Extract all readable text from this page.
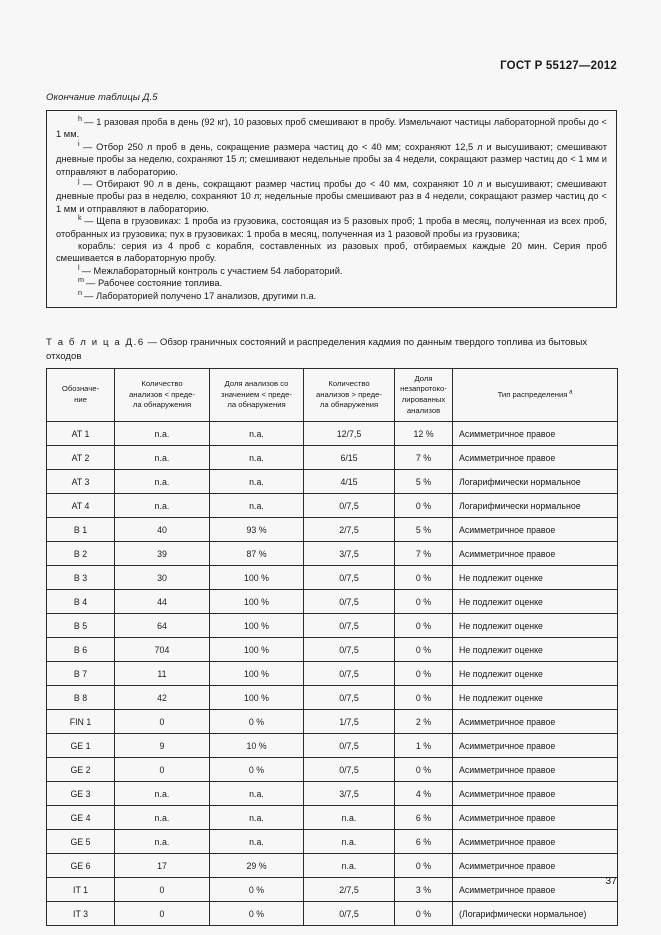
ГОСТ Р 55127—2012
Окончание таблицы Д.5

$^h$ — 1 разовая проба в день (92 кг), 10 разовых проб смешивают в пробу. Измельчают частицы лабораторной пробы до < 1 мм.

$^i$ — Отбор 250 л проб в день, сокращение размера частиц до < 40 мм; сохраняют 12,5 л и высушивают; смешивают дневные пробы за неделю, сохраняют 15 л; смешивают недельные пробы за 4 недели, сокращают размер частиц до < 1 мм и отправляют в лабораторию.

$^j$ — Отбирают 90 л в день, сокращают размер частиц пробы до < 40 мм, сохраняют 10 л и высушивают; смешивают дневные пробы раз в неделю, сохраняют 10 л; недельные пробы смешивают раз в 4 недели, сокращают размер частиц до < 1 мм и отправляют в лабораторию.

$^k$ — Щепа в грузовиках: 1 проба из грузовика, состоящая из 5 разовых проб; 1 проба в месяц, полученная из всех проб, отобранных из грузовика; пух в грузовиках: 1 проба в месяц, полученная из 1 разовой пробы из грузовика;

корабль: серия из 4 проб с корабля, составленных из разовых проб, отбираемых каждые 20 мин. Серия проб смешивается в лабораторную пробу.

$^l$ — Межлабораторный контроль с участием 54 лабораторий.

$^m$ — Рабочее состояние топлива.

$^n$ — Лабораторией получено 17 анализов, другими n.a.

Т а б л и ц а Д.6 — Обзор граничных состояний и распределения кадмия по данным твердого топлива из бытовых отходов
Обозначе-
ние	Количество
анализов < преде-
ла обнаружения	Доля анализов со
значением < преде-
ла обнаружения	Количество
анализов > преде-
ла обнаружения	Доля
незапротоко-
лированных
анализов	Тип распределения $^a$
AT 1	n.a.	n.a.	12/7,5	12 %	Асимметричное правое
AT 2	n.a.	n.a.	6/15	7 %	Асимметричное правое
AT 3	n.a.	n.a.	4/15	5 %	Логарифмически нормальное
AT 4	n.a.	n.a.	0/7,5	0 %	Логарифмически нормальное
B 1	40	93 %	2/7,5	5 %	Асимметричное правое
B 2	39	87 %	3/7,5	7 %	Асимметричное правое
B 3	30	100 %	0/7,5	0 %	Не подлежит оценке
B 4	44	100 %	0/7,5	0 %	Не подлежит оценке
B 5	64	100 %	0/7,5	0 %	Не подлежит оценке
B 6	704	100 %	0/7,5	0 %	Не подлежит оценке
B 7	11	100 %	0/7,5	0 %	Не подлежит оценке
B 8	42	100 %	0/7,5	0 %	Не подлежит оценке
FIN 1	0	0 %	1/7,5	2 %	Асимметричное правое
GE 1	9	10 %	0/7,5	1 %	Асимметричное правое
GE 2	0	0 %	0/7,5	0 %	Асимметричное правое
GE 3	n.a.	n.a.	3/7,5	4 %	Асимметричное правое
GE 4	n.a.	n.a.	n.a.	6 %	Асимметричное правое
GE 5	n.a.	n.a.	n.a.	6 %	Асимметричное правое
GE 6	17	29 %	n.a.	0 %	Асимметричное правое
IT 1	0	0 %	2/7,5	3 %	Асимметричное правое
IT 3	0	0 %	0/7,5	0 %	(Логарифмически нормальное)
37
